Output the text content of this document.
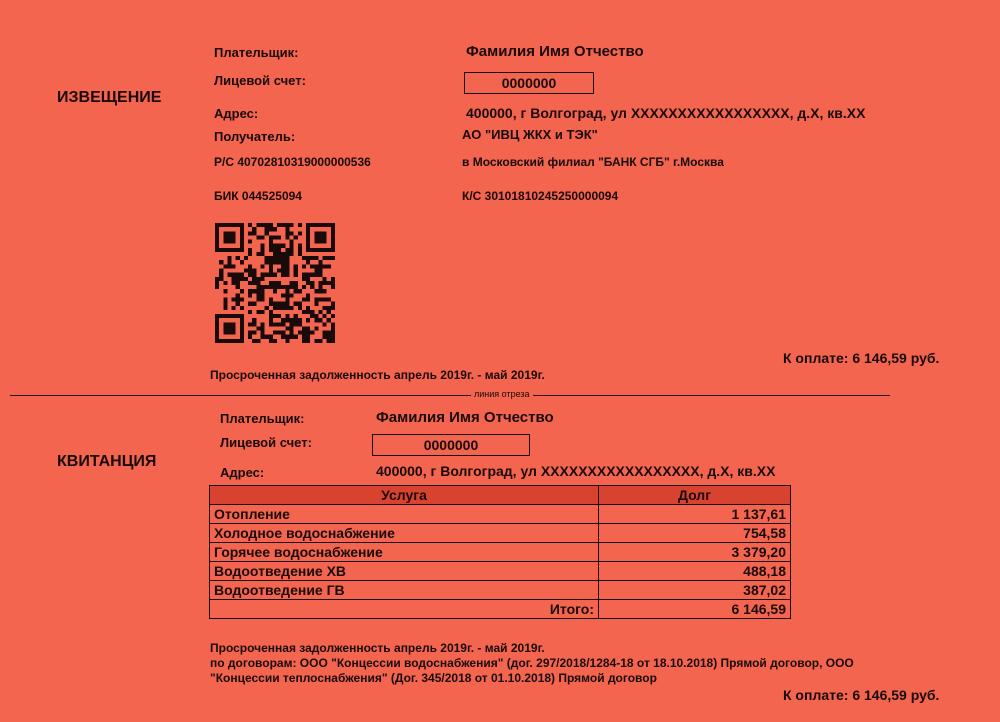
ИЗВЕЩЕНИЕ
Плательщик:	Фамилия Имя Отчество
Лицевой счет:	0000000
Адрес:	400000, г Волгоград, ул ХХХХХХХХХХХХХХХХХ, д.Х, кв.ХХ
Получатель:	АО "ИВЦ ЖКХ и ТЭК"
Р/С 40702810319000000536	в Московский филиал "БАНК СГБ" г.Москва
БИК 044525094	К/С 30101810245250000094
Просроченная задолженность апрель 2019г. - май 2019г.
К оплате: 6 146,59 руб.
линия отреза
КВИТАНЦИЯ
Плательщик:	Фамилия Имя Отчество
Лицевой счет:	0000000
Адрес:	400000, г Волгоград, ул ХХХХХХХХХХХХХХХХХ, д.Х, кв.ХХ
Услуга	Долг
Отопление	1 137,61
Холодное водоснабжение	754,58
Горячее водоснабжение	3 379,20
Водоотведение ХВ	488,18
Водоотведение ГВ	387,02
Итого:	6 146,59
Просроченная задолженность апрель 2019г. - май 2019г.
по договорам: ООО "Концессии водоснабжения" (дог. 297/2018/1284-18 от 18.10.2018) Прямой договор, ООО
"Концессии теплоснабжения" (Дог. 345/2018 от 01.10.2018) Прямой договор
К оплате: 6 146,59 руб.
